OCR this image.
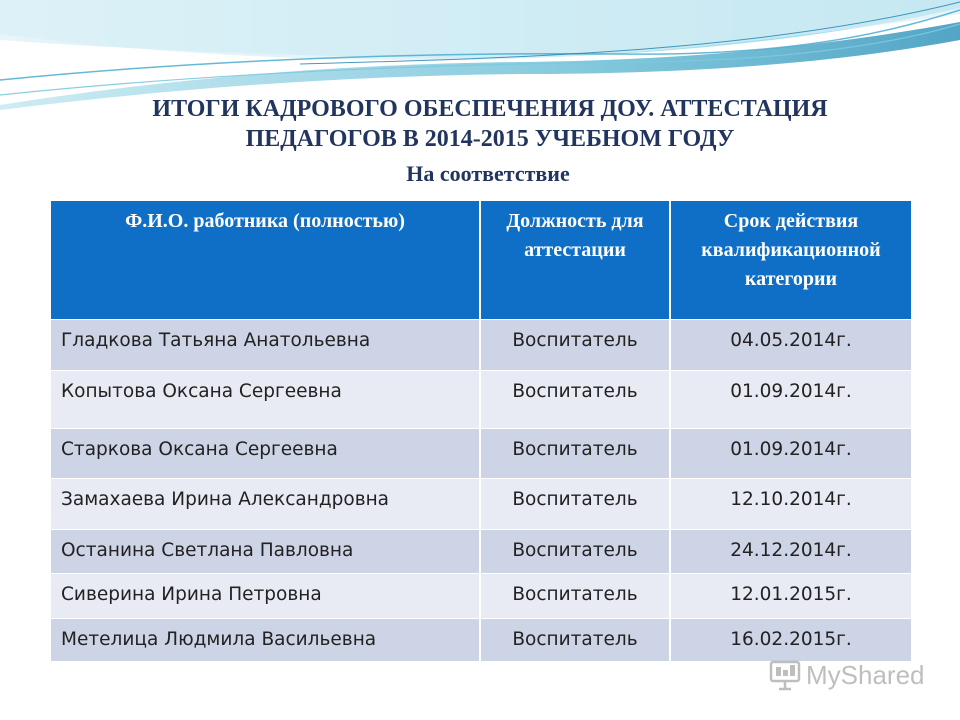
ИТОГИ КАДРОВОГО ОБЕСПЕЧЕНИЯ ДОУ. АТТЕСТАЦИЯ
ПЕДАГОГОВ В 2014-2015 УЧЕБНОМ ГОДУ
На соответствие
Ф.И.О. работника (полностью)	Должность для аттестации	Срок действия квалификационной категории
Гладкова Татьяна Анатольевна	Воспитатель	04.05.2014г.
Копытова Оксана Сергеевна	Воспитатель	01.09.2014г.
Старкова Оксана Сергеевна	Воспитатель	01.09.2014г.
Замахаева Ирина Александровна	Воспитатель	12.10.2014г.
Останина Светлана Павловна	Воспитатель	24.12.2014г.
Сиверина Ирина Петровна	Воспитатель	12.01.2015г.
Метелица Людмила Васильевна	Воспитатель	16.02.2015г.
MyShared
